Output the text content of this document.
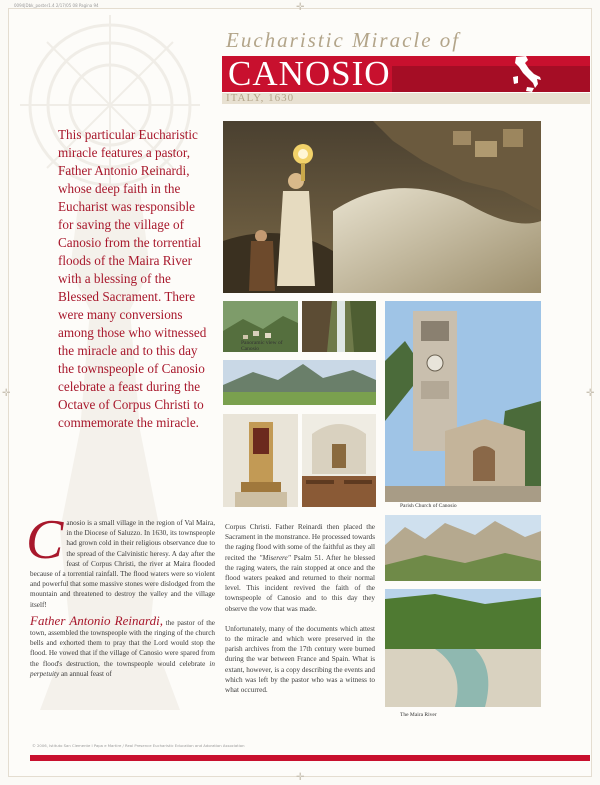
0094|Dbk_poster1.4 2/17/05 08 Pagina 94	✛
✛	✛
✛
Eucharistic Miracle of
CANOSIO
ITALY, 1630
This particular Eucharistic miracle features a pastor, Father Antonio Reinardi, whose deep faith in the Eucharist was responsible for saving the village of Canosio from the torrential floods of the Maira River with a blessing of the Blessed Sacrament. There were many conversions among those who witnessed the miracle and to this day the townspeople of Canosio celebrate a feast during the Octave of Corpus Christi to commemorate the miracle.
Panoramic view of Canosio
Parish Church of Canosio
The Maira River
C anosio is a small village in the region of Val Maira, in the Diocese of Saluzzo. In 1630, its townspeople had grown cold in their religious observance due to the spread of the Calvinistic heresy. A day after the feast of Corpus Christi, the river at Maira flooded because of a torrential rainfall. The flood waters were so violent and powerful that some massive stones were dislodged from the mountain and threatened to destroy the valley and the village itself!
Father Antonio Reinardi, the pastor of the town, assembled the townspeople with the ringing of the church bells and exhorted them to pray that the Lord would stop the flood. He vowed that if the village of Canosio were spared from the flood's destruction, the townspeople would celebrate in perpetuity an annual feast of
Corpus Christi. Father Reinardi then placed the Sacrament in the monstrance. He processed towards the raging flood with some of the faithful as they all recited the "Miserere" Psalm 51. After he blessed the raging waters, the rain stopped at once and the flood waters peaked and returned to their normal level. This incident revived the faith of the townspeople of Canosio and to this day they observe the vow that was made.
Unfortunately, many of the documents which attest to the miracle and which were preserved in the parish archives from the 17th century were burned during the war between France and Spain. What is extant, however, is a copy describing the events and which was left by the pastor who was a witness to what occurred.
© 2006, Istituto San Clemente I Papa e Martire / Real Presence Eucharistic Education and Adoration Association
